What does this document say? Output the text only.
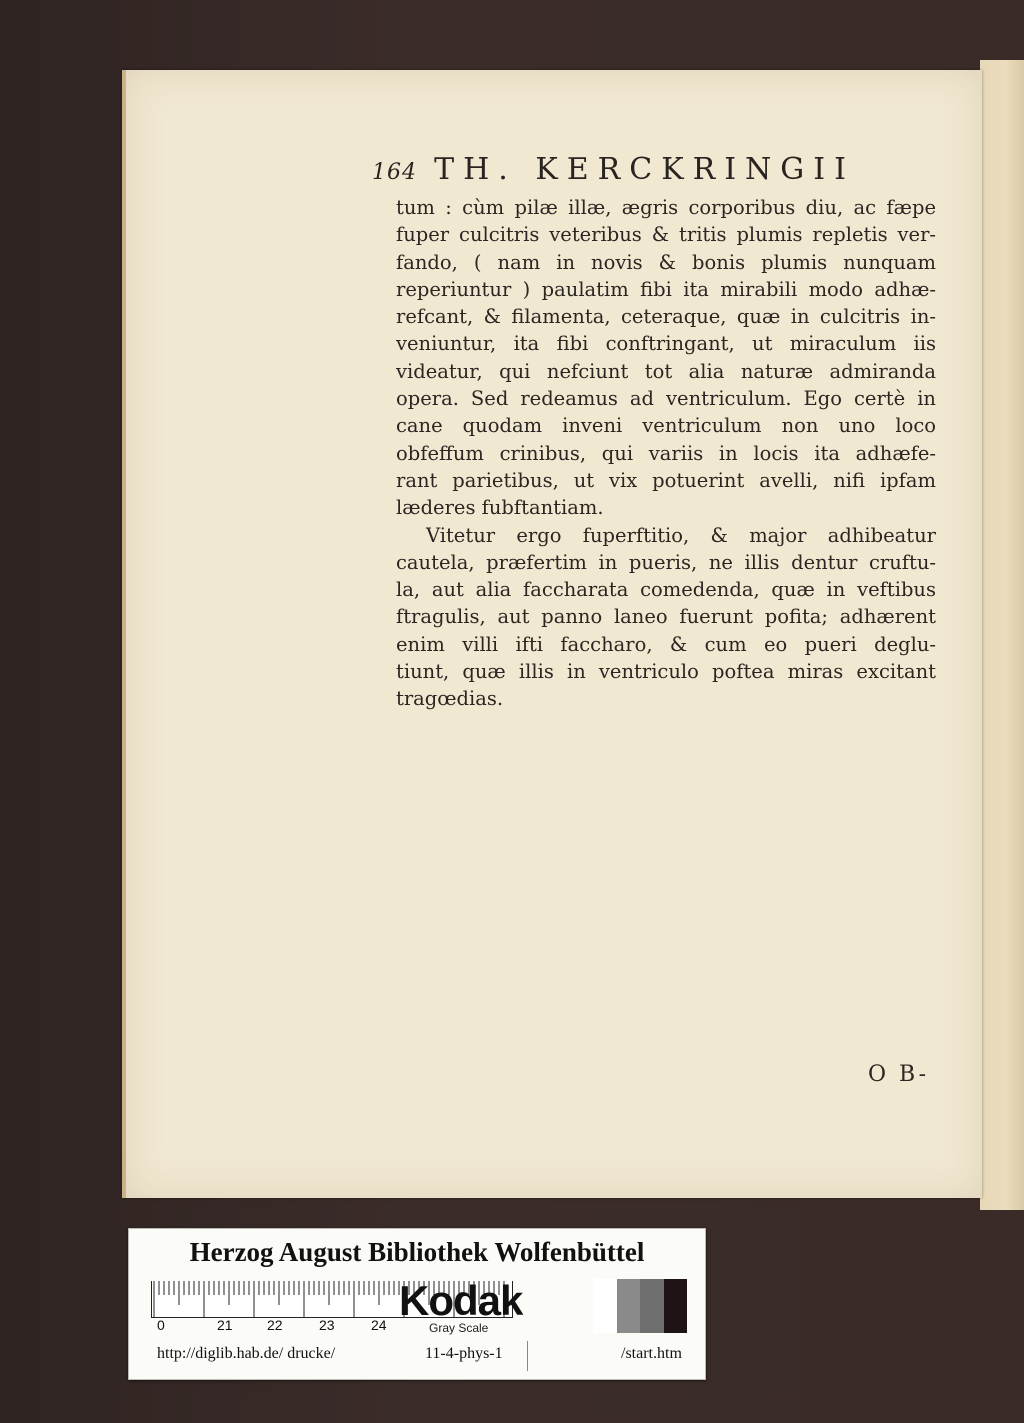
164 TH. KERCKRINGII
tum : cùm pilæ illæ, ægris corporibus diu, ac fæpe
fuper culcitris veteribus & tritis plumis repletis ver-
fando, ( nam in novis & bonis plumis nunquam
reperiuntur ) paulatim fibi ita mirabili modo adhæ-
refcant, & filamenta, ceteraque, quæ in culcitris in-
veniuntur, ita fibi conftringant, ut miraculum iis
videatur, qui nefciunt tot alia naturæ admiranda
opera. Sed redeamus ad ventriculum. Ego certè in
cane quodam inveni ventriculum non uno loco
obfeffum crinibus, qui variis in locis ita adhæfe-
rant parietibus, ut vix potuerint avelli, nifi ipfam
læderes fubftantiam.
Vitetur ergo fuperftitio, & major adhibeatur
cautela, præfertim in pueris, ne illis dentur cruftu-
la, aut alia faccharata comedenda, quæ in veftibus
ftragulis, aut panno laneo fuerunt pofita; adhærent
enim villi ifti faccharo, & cum eo pueri deglu-
tiunt, quæ illis in ventriculo poftea miras excitant
tragœdias.
O B-
Herzog August Bibliothek Wolfenbüttel
0	21 22	23	24
Kodak
Gray Scale
http://diglib.hab.de/ drucke/	11-4-phys-1	/start.htm
